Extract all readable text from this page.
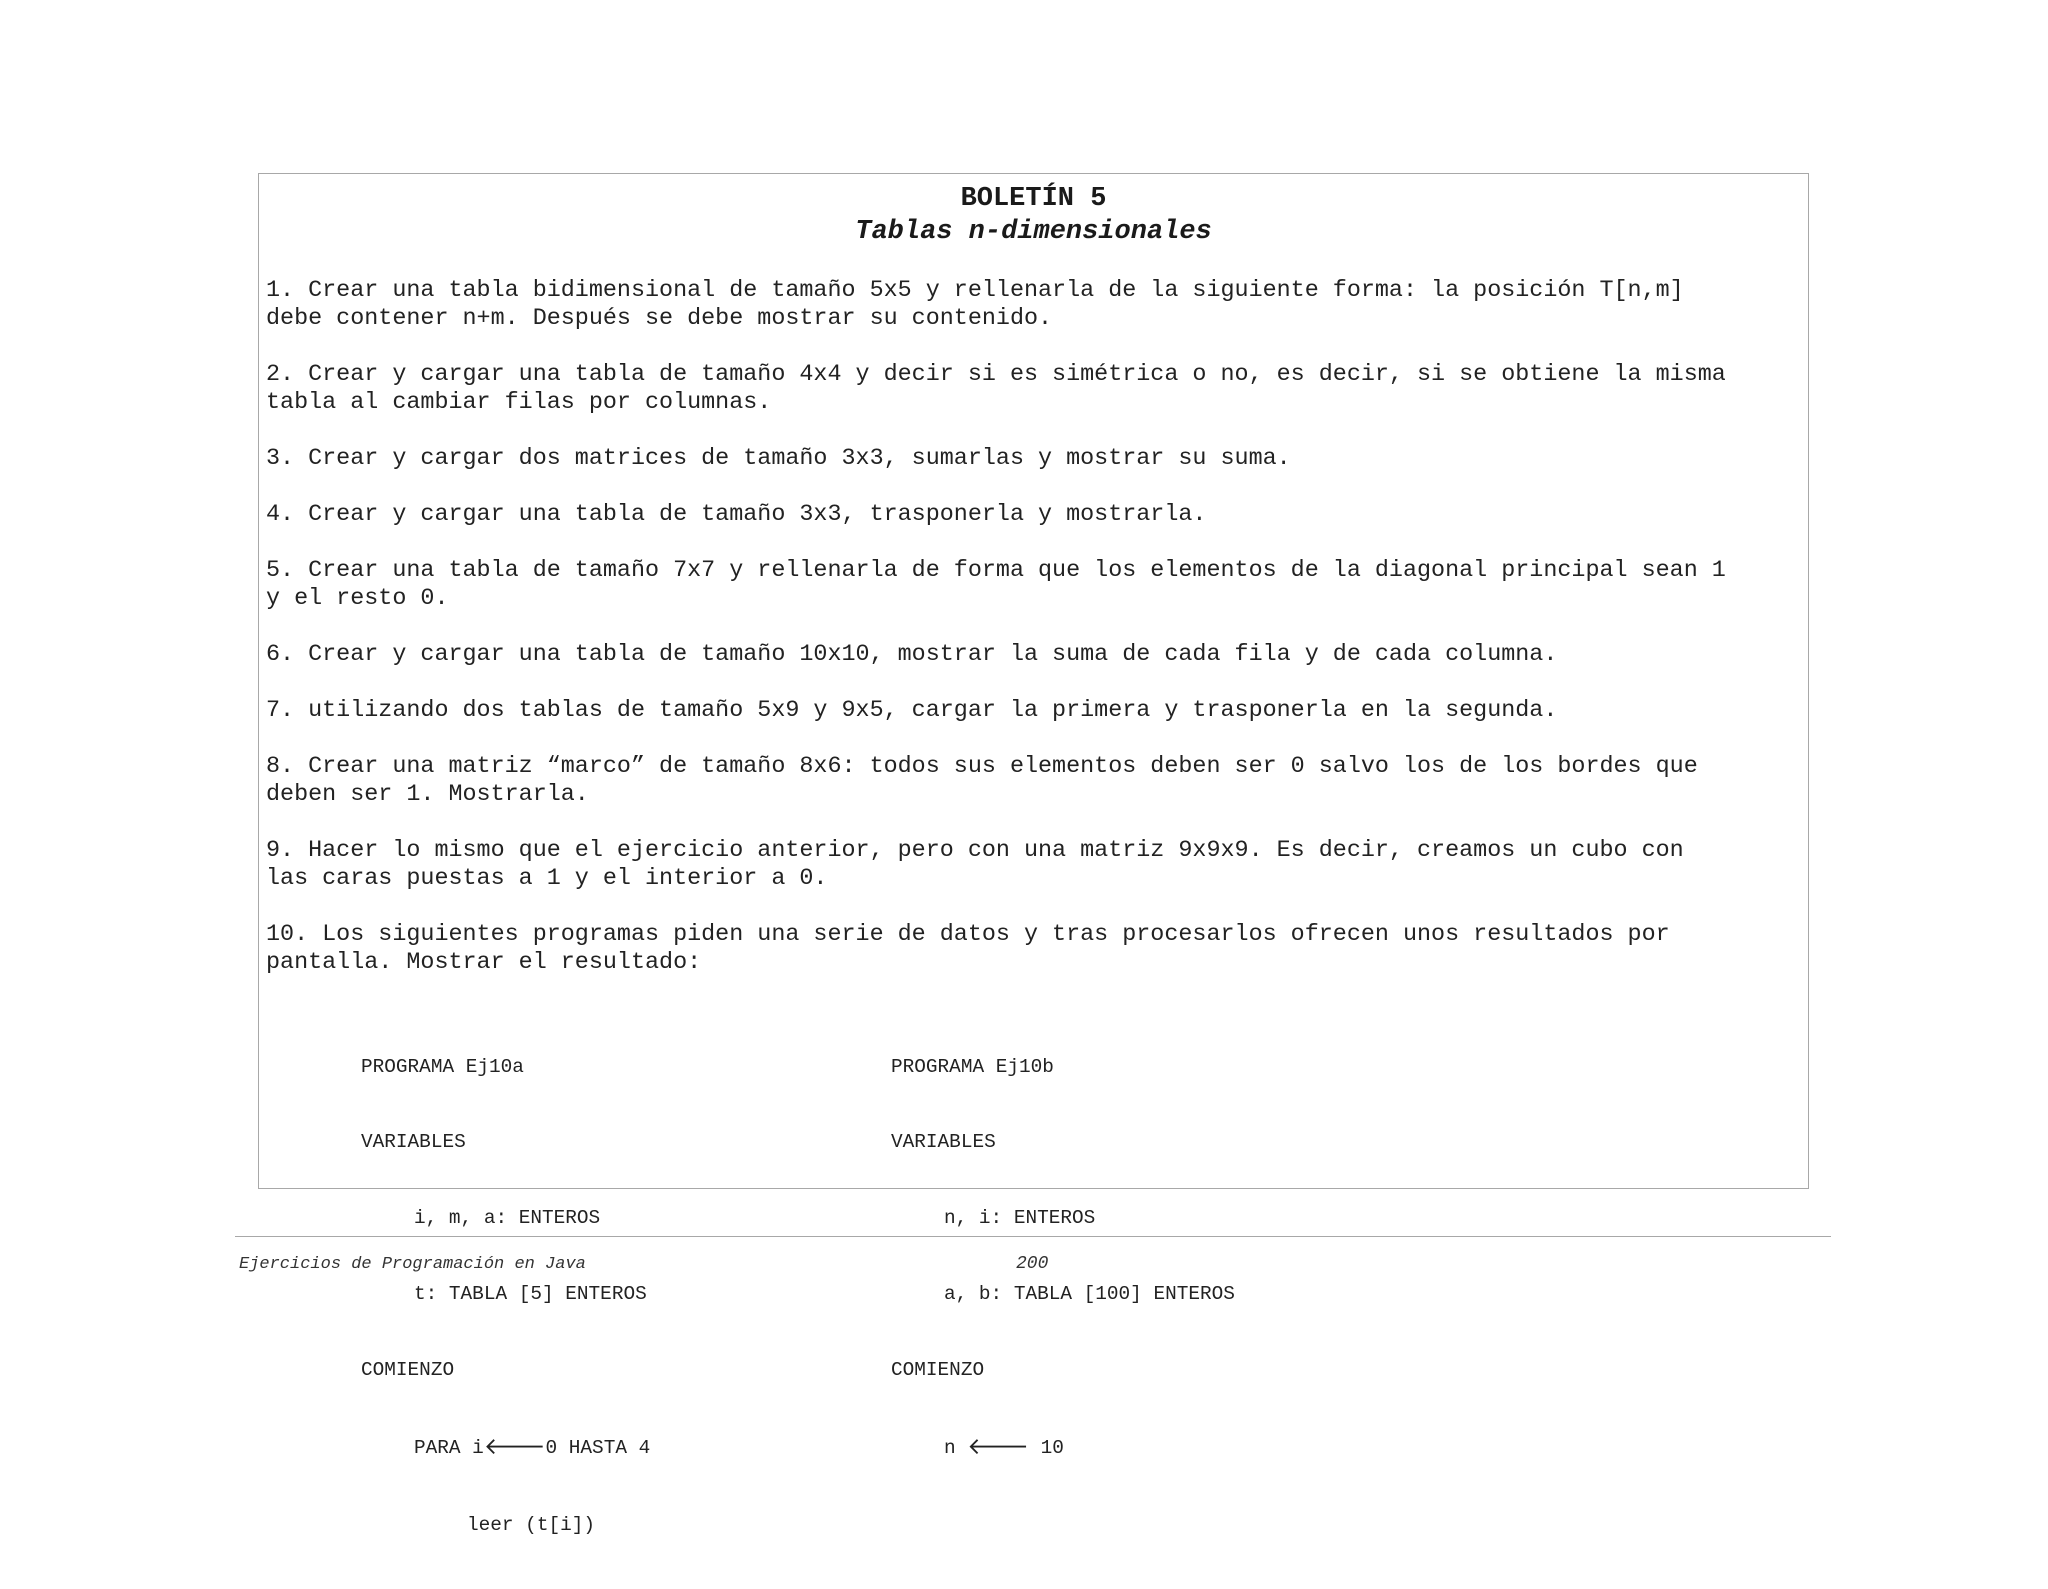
BOLETÍN 5
Tablas n-dimensionales
1. Crear una tabla bidimensional de tamaño 5x5 y rellenarla de la siguiente forma: la posición T[n,m]
debe contener n+m. Después se debe mostrar su contenido.
2. Crear y cargar una tabla de tamaño 4x4 y decir si es simétrica o no, es decir, si se obtiene la misma
tabla al cambiar filas por columnas.
3. Crear y cargar dos matrices de tamaño 3x3, sumarlas y mostrar su suma.
4. Crear y cargar una tabla de tamaño 3x3, trasponerla y mostrarla.
5. Crear una tabla de tamaño 7x7 y rellenarla de forma que los elementos de la diagonal principal sean 1
y el resto 0.
6. Crear y cargar una tabla de tamaño 10x10, mostrar la suma de cada fila y de cada columna.
7. utilizando dos tablas de tamaño 5x9 y 9x5, cargar la primera y trasponerla en la segunda.
8. Crear una matriz “marco” de tamaño 8x6: todos sus elementos deben ser 0 salvo los de los bordes que
deben ser 1. Mostrarla.
9. Hacer lo mismo que el ejercicio anterior, pero con una matriz 9x9x9. Es decir, creamos un cubo con
las caras puestas a 1 y el interior a 0.
10. Los siguientes programas piden una serie de datos y tras procesarlos ofrecen unos resultados por
pantalla. Mostrar el resultado:

PROGRAMA Ej10a

VARIABLES

i, m, a: ENTEROS

t: TABLA [5] ENTEROS

COMIENZO

PARA i🡐0 HASTA 4

leer (t[i])

PROGRAMA Ej10b

VARIABLES

n, i: ENTEROS

a, b: TABLA [100] ENTEROS

COMIENZO

n 🡐 10

Ejercicios de Programación en Java	200
